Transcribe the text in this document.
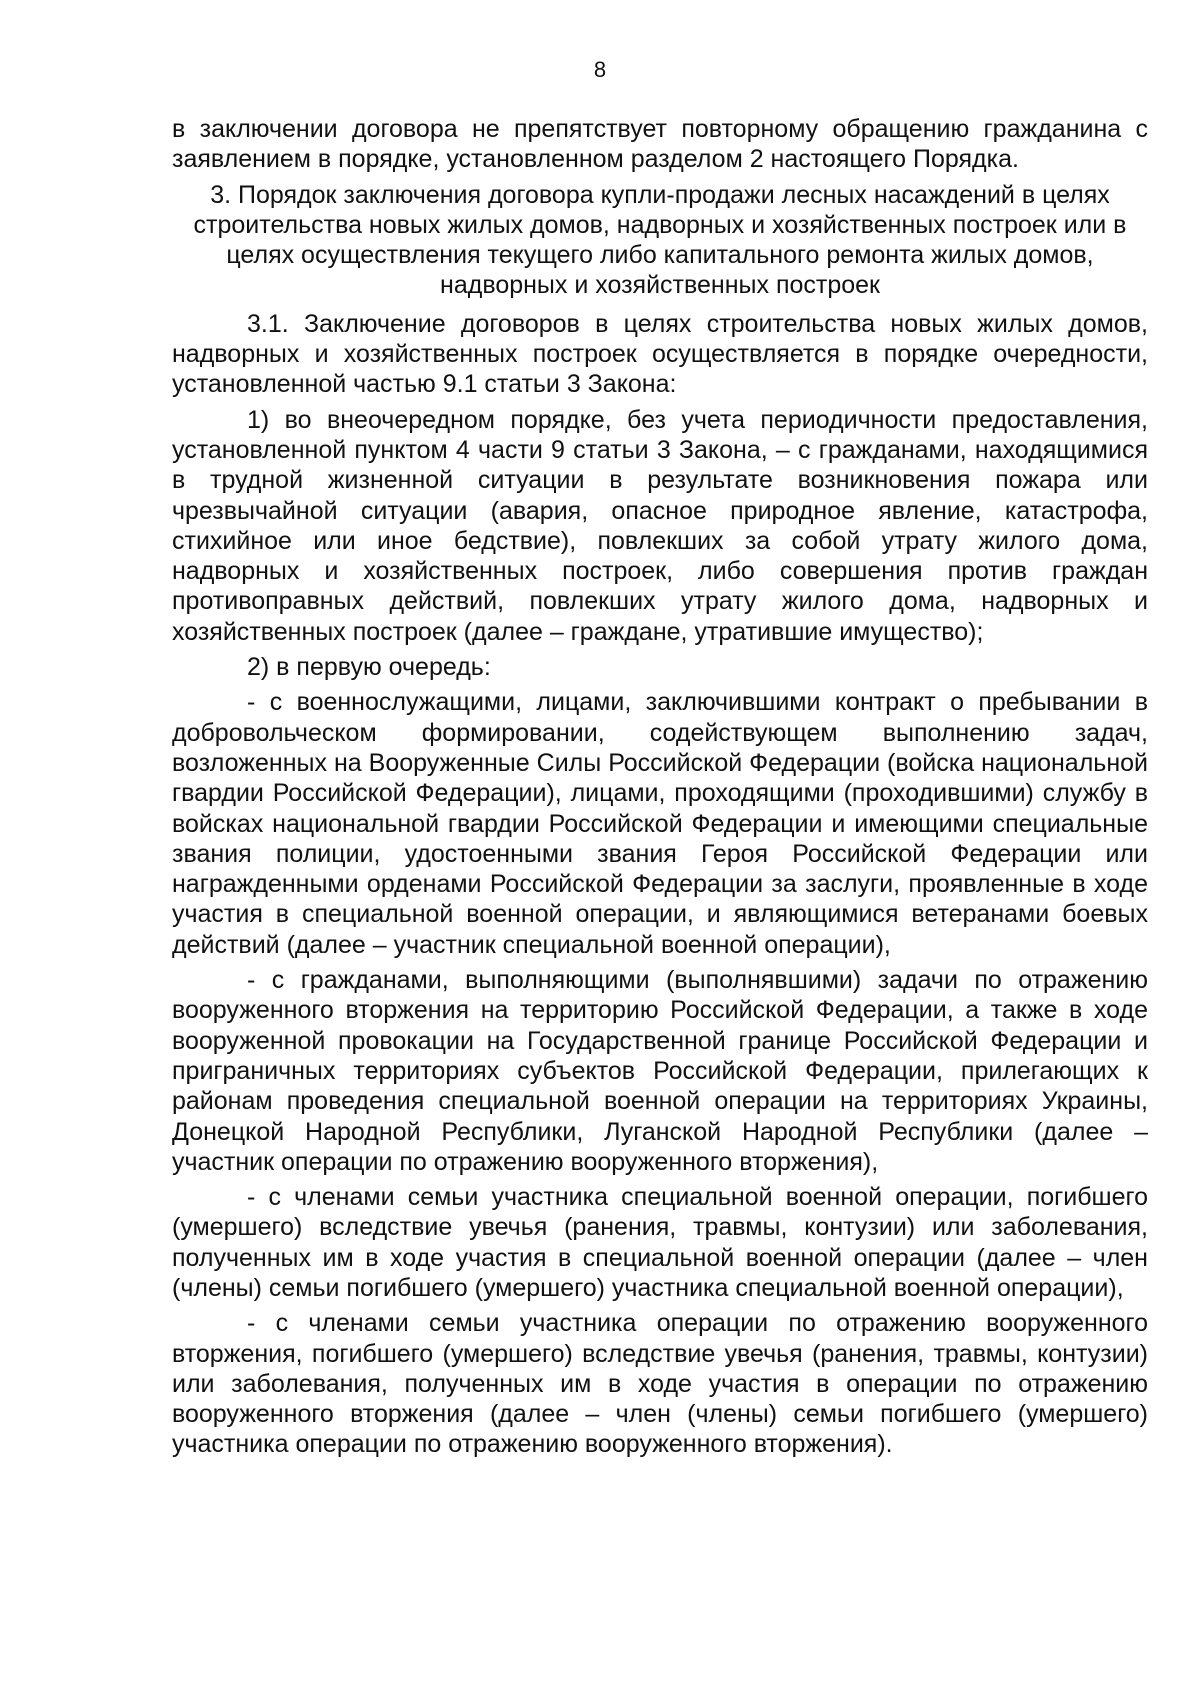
8

в заключении договора не препятствует повторному обращению гражданина с заявлением в порядке, установленном разделом 2 настоящего Порядка.

3. Порядок заключения договора купли-продажи лесных насаждений в целях строительства новых жилых домов, надворных и хозяйственных построек или в целях осуществления текущего либо капитального ремонта жилых домов, надворных и хозяйственных построек

3.1. Заключение договоров в целях строительства новых жилых домов, надворных и хозяйственных построек осуществляется в порядке очередности, установленной частью 9.1 статьи 3 Закона:

1) во внеочередном порядке, без учета периодичности предоставления, установленной пунктом 4 части 9 статьи 3 Закона, – с гражданами, находящимися в трудной жизненной ситуации в результате возникновения пожара или чрезвычайной ситуации (авария, опасное природное явление, катастрофа, стихийное или иное бедствие), повлекших за собой утрату жилого дома, надворных и хозяйственных построек, либо совершения против граждан противоправных действий, повлекших утрату жилого дома, надворных и хозяйственных построек (далее – граждане, утратившие имущество);

2) в первую очередь:

- с военнослужащими, лицами, заключившими контракт о пребывании в добровольческом формировании, содействующем выполнению задач, возложенных на Вооруженные Силы Российской Федерации (войска национальной гвардии Российской Федерации), лицами, проходящими (проходившими) службу в войсках национальной гвардии Российской Федерации и имеющими специальные звания полиции, удостоенными звания Героя Российской Федерации или награжденными орденами Российской Федерации за заслуги, проявленные в ходе участия в специальной военной операции, и являющимися ветеранами боевых действий (далее – участник специальной военной операции),

- с гражданами, выполняющими (выполнявшими) задачи по отражению вооруженного вторжения на территорию Российской Федерации, а также в ходе вооруженной провокации на Государственной границе Российской Федерации и приграничных территориях субъектов Российской Федерации, прилегающих к районам проведения специальной военной операции на территориях Украины, Донецкой Народной Республики, Луганской Народной Республики (далее – участник операции по отражению вооруженного вторжения),

- с членами семьи участника специальной военной операции, погибшего (умершего) вследствие увечья (ранения, травмы, контузии) или заболевания, полученных им в ходе участия в специальной военной операции (далее – член (члены) семьи погибшего (умершего) участника специальной военной операции),

- с членами семьи участника операции по отражению вооруженного вторжения, погибшего (умершего) вследствие увечья (ранения, травмы, контузии) или заболевания, полученных им в ходе участия в операции по отражению вооруженного вторжения (далее – член (члены) семьи погибшего (умершего) участника операции по отражению вооруженного вторжения).
